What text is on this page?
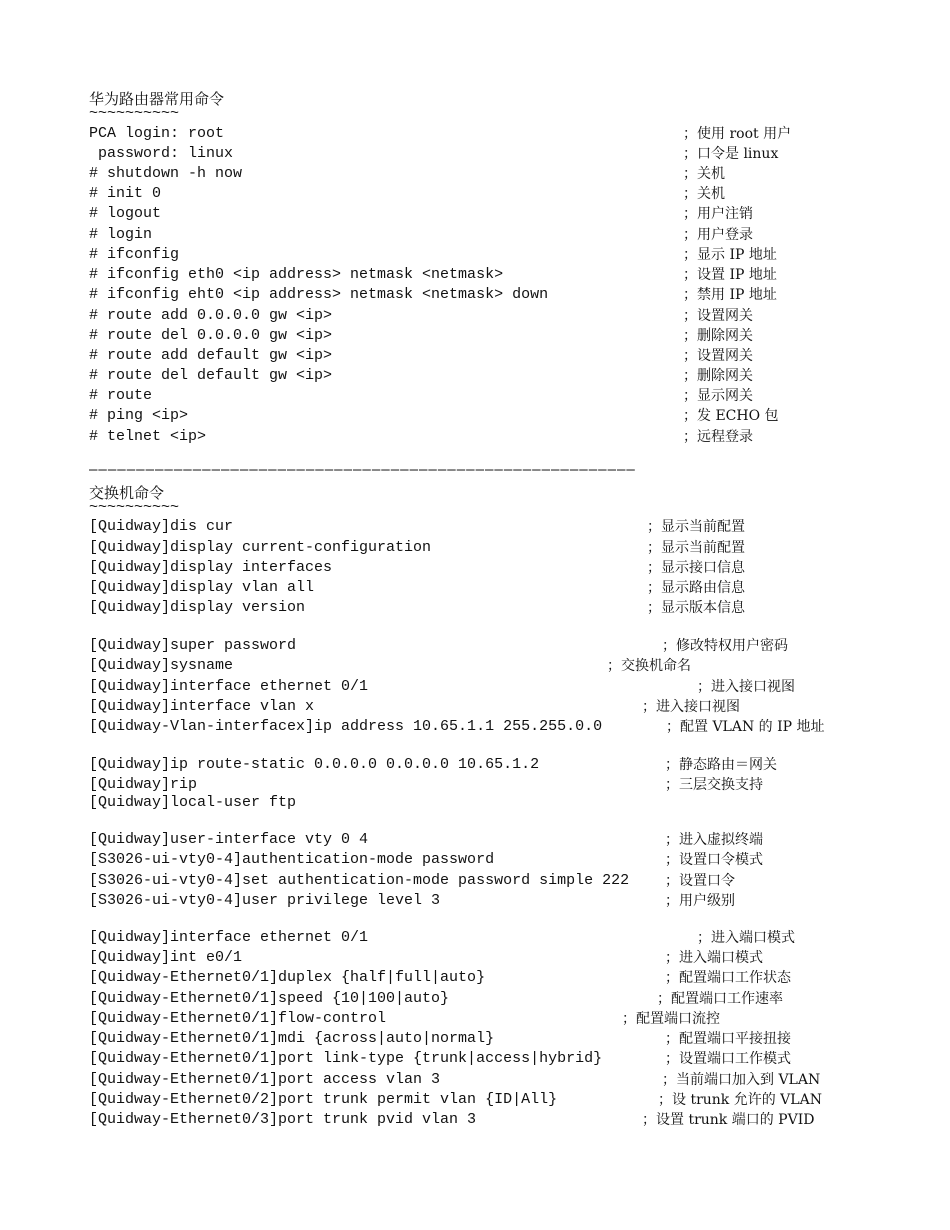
华为路由器常用命令
~~~~~~~~~~
PCA login: root	；使用 root 用户
password: linux	；口令是 linux
# shutdown -h now	；关机
# init 0	；关机
# logout	；用户注销
# login	；用户登录
# ifconfig	；显示 IP 地址
# ifconfig eth0 <ip address> netmask <netmask>	；设置 IP 地址
# ifconfig eht0 <ip address> netmask <netmask> down	；禁用 IP 地址
# route add 0.0.0.0 gw <ip>	；设置网关
# route del 0.0.0.0 gw <ip>	；删除网关
# route add default gw <ip>	；设置网关
# route del default gw <ip>	；删除网关
# route	；显示网关
# ping <ip>	；发 ECHO 包
# telnet <ip>	；远程登录
——————————————————————————————————————————————————————————
交换机命令
~~~~~~~~~~
[Quidway]dis cur	；显示当前配置
[Quidway]display current-configuration	；显示当前配置
[Quidway]display interfaces	；显示接口信息
[Quidway]display vlan all	；显示路由信息
[Quidway]display version	；显示版本信息
[Quidway]super password	；修改特权用户密码
[Quidway]sysname	；交换机命名
[Quidway]interface ethernet 0/1	；进入接口视图
[Quidway]interface vlan x	；进入接口视图
[Quidway-Vlan-interfacex]ip address 10.65.1.1 255.255.0.0	；配置 VLAN 的 IP 地址
[Quidway]ip route-static 0.0.0.0 0.0.0.0 10.65.1.2	；静态路由＝网关
[Quidway]rip	；三层交换支持
[Quidway]local-user ftp
[Quidway]user-interface vty 0 4	；进入虚拟终端
[S3026-ui-vty0-4]authentication-mode password	；设置口令模式
[S3026-ui-vty0-4]set authentication-mode password simple 222	；设置口令
[S3026-ui-vty0-4]user privilege level 3	；用户级别
[Quidway]interface ethernet 0/1	；进入端口模式
[Quidway]int e0/1	；进入端口模式
[Quidway-Ethernet0/1]duplex {half|full|auto}	；配置端口工作状态
[Quidway-Ethernet0/1]speed {10|100|auto}	；配置端口工作速率
[Quidway-Ethernet0/1]flow-control	；配置端口流控
[Quidway-Ethernet0/1]mdi {across|auto|normal}	；配置端口平接扭接
[Quidway-Ethernet0/1]port link-type {trunk|access|hybrid}	；设置端口工作模式
[Quidway-Ethernet0/1]port access vlan 3	；当前端口加入到 VLAN
[Quidway-Ethernet0/2]port trunk permit vlan {ID|All}	；设 trunk 允许的 VLAN
[Quidway-Ethernet0/3]port trunk pvid vlan 3	；设置 trunk 端口的 PVID
